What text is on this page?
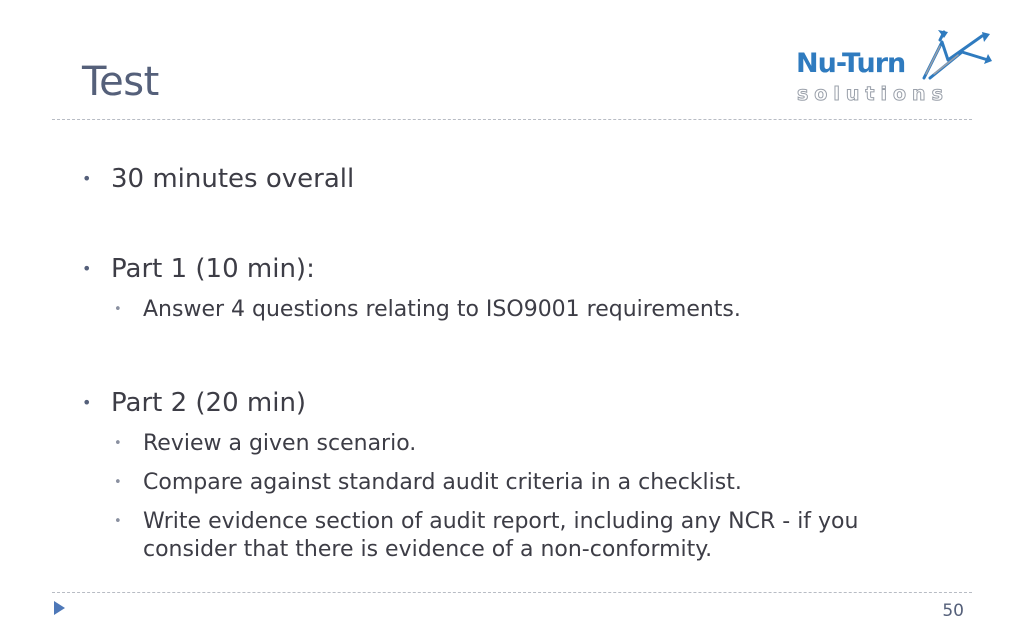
Test	Nu-Turn
solutions
• 30 minutes overall
• Part 1 (10 min):
• Answer 4 questions relating to ISO9001 requirements.
• Part 2 (20 min)
• Review a given scenario.
• Compare against standard audit criteria in a checklist.
• Write evidence section of audit report, including any NCR - if you consider that there is evidence of a non-conformity.
50
